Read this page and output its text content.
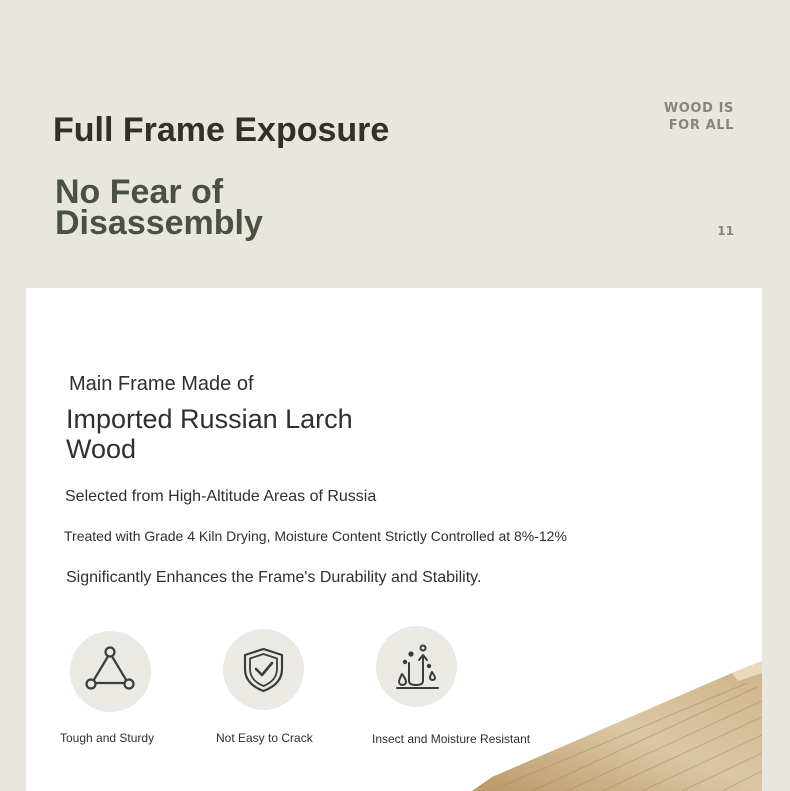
Full Frame Exposure
No Fear of Disassembly
WOOD IS
FOR ALL
11
Main Frame Made of
Imported Russian Larch Wood
Selected from High-Altitude Areas of Russia
Treated with Grade 4 Kiln Drying, Moisture Content Strictly Controlled at 8%-12%
Significantly Enhances the Frame's Durability and Stability.
Tough and Sturdy	Not Easy to Crack	Insect and Moisture Resistant
